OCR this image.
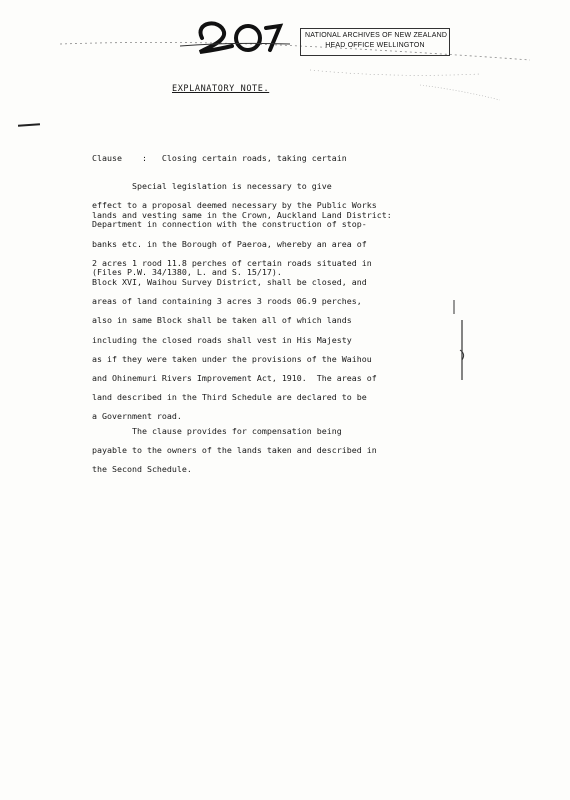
NATIONAL ARCHIVES OF NEW ZEALAND
HEAD OFFICE WELLINGTON
EXPLANATORY NOTE.

Clause    :   Closing certain roads, taking certain

lands and vesting same in the Crown, Auckland Land District:

(Files P.W. 34/1380, L. and S. 15/17).

Special legislation is necessary to give
effect to a proposal deemed necessary by the Public Works
Department in connection with the construction of stop-
banks etc. in the Borough of Paeroa, whereby an area of
2 acres 1 rood 11.8 perches of certain roads situated in
Block XVI, Waihou Survey District, shall be closed, and
areas of land containing 3 acres 3 roods 06.9 perches,
also in same Block shall be taken all of which lands
including the closed roads shall vest in His Majesty
as if they were taken under the provisions of the Waihou
and Ohinemuri Rivers Improvement Act, 1910.  The areas of
land described in the Third Schedule are declared to be
a Government road.
The clause provides for compensation being
payable to the owners of the lands taken and described in
the Second Schedule.
